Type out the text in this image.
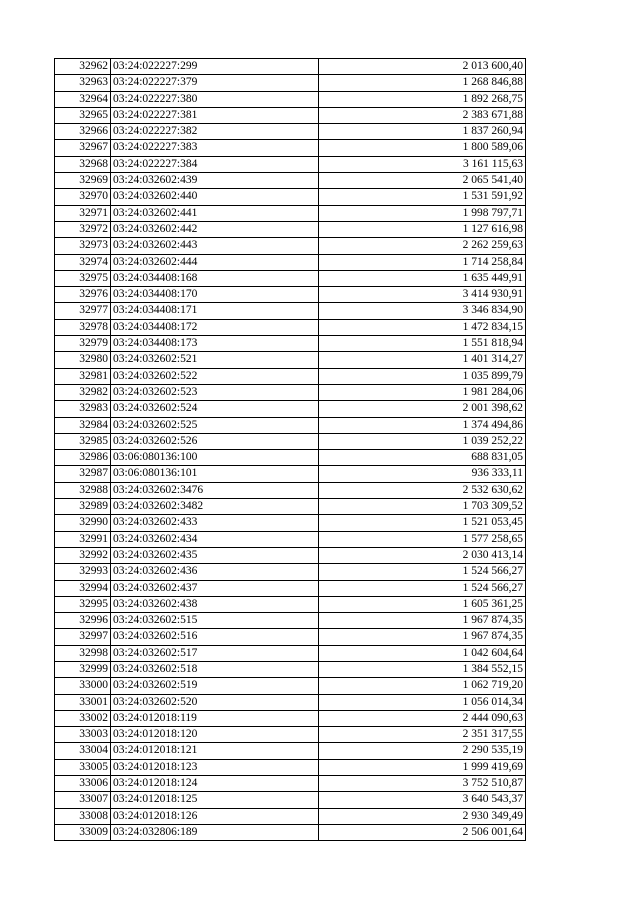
32962	03:24:022227:299	2 013 600,40
32963	03:24:022227:379	1 268 846,88
32964	03:24:022227:380	1 892 268,75
32965	03:24:022227:381	2 383 671,88
32966	03:24:022227:382	1 837 260,94
32967	03:24:022227:383	1 800 589,06
32968	03:24:022227:384	3 161 115,63
32969	03:24:032602:439	2 065 541,40
32970	03:24:032602:440	1 531 591,92
32971	03:24:032602:441	1 998 797,71
32972	03:24:032602:442	1 127 616,98
32973	03:24:032602:443	2 262 259,63
32974	03:24:032602:444	1 714 258,84
32975	03:24:034408:168	1 635 449,91
32976	03:24:034408:170	3 414 930,91
32977	03:24:034408:171	3 346 834,90
32978	03:24:034408:172	1 472 834,15
32979	03:24:034408:173	1 551 818,94
32980	03:24:032602:521	1 401 314,27
32981	03:24:032602:522	1 035 899,79
32982	03:24:032602:523	1 981 284,06
32983	03:24:032602:524	2 001 398,62
32984	03:24:032602:525	1 374 494,86
32985	03:24:032602:526	1 039 252,22
32986	03:06:080136:100	688 831,05
32987	03:06:080136:101	936 333,11
32988	03:24:032602:3476	2 532 630,62
32989	03:24:032602:3482	1 703 309,52
32990	03:24:032602:433	1 521 053,45
32991	03:24:032602:434	1 577 258,65
32992	03:24:032602:435	2 030 413,14
32993	03:24:032602:436	1 524 566,27
32994	03:24:032602:437	1 524 566,27
32995	03:24:032602:438	1 605 361,25
32996	03:24:032602:515	1 967 874,35
32997	03:24:032602:516	1 967 874,35
32998	03:24:032602:517	1 042 604,64
32999	03:24:032602:518	1 384 552,15
33000	03:24:032602:519	1 062 719,20
33001	03:24:032602:520	1 056 014,34
33002	03:24:012018:119	2 444 090,63
33003	03:24:012018:120	2 351 317,55
33004	03:24:012018:121	2 290 535,19
33005	03:24:012018:123	1 999 419,69
33006	03:24:012018:124	3 752 510,87
33007	03:24:012018:125	3 640 543,37
33008	03:24:012018:126	2 930 349,49
33009	03:24:032806:189	2 506 001,64
